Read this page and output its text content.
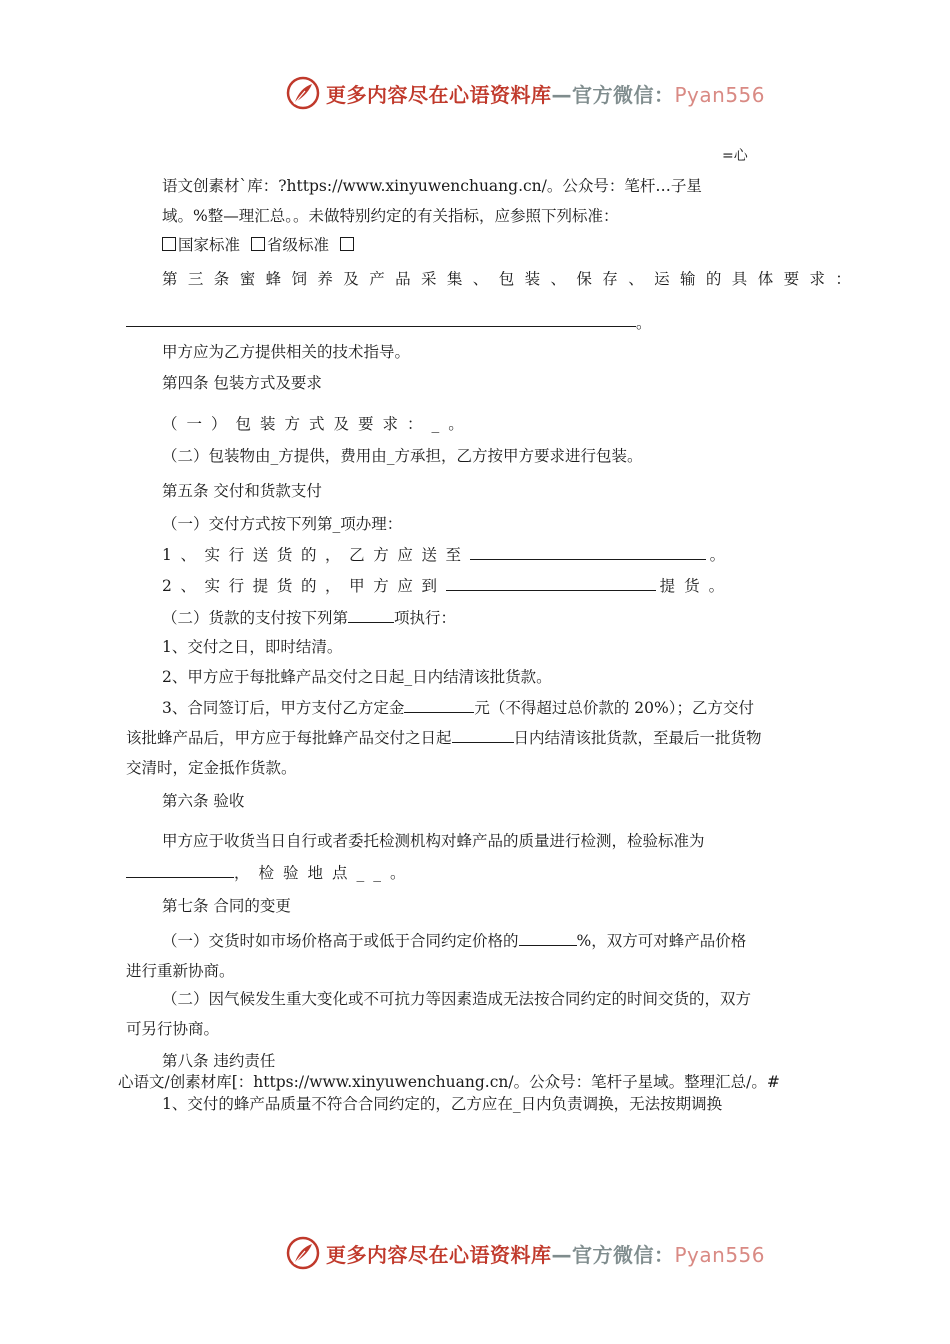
更多内容尽在心语资料库—官方微信：Pyan556
=心
语文创素材`库：?https://www.xinyuwenchuang.cn/。公众号：笔杆…子星
域。%整—理汇总。。未做特别约定的有关指标，应参照下列标准：
国家标准 省级标准
第三条蜜蜂饲养及产品采集、包装、保存、运输的具体要求：
。
甲方应为乙方提供相关的技术指导。
第四条 包装方式及要求
（一）包装方式及要求：_。
（二）包装物由_方提供，费用由_方承担，乙方按甲方要求进行包装。
第五条 交付和货款支付
（一）交付方式按下列第_项办理：
1、实行送货的，乙方应送至	。
2、实行提货的，甲方应到	提货。
（二）货款的支付按下列第	项执行：
1、交付之日，即时结清。
2、甲方应于每批蜂产品交付之日起_日内结清该批货款。
3、合同签订后，甲方支付乙方定金	元（不得超过总价款的 20%）；乙方交付
该批蜂产品后，甲方应于每批蜂产品交付之日起	日内结清该批货款，至最后一批货物
交清时，定金抵作货款。
第六条 验收
甲方应于收货当日自行或者委托检测机构对蜂产品的质量进行检测，检验标准为
，检验地点__。
第七条 合同的变更
（一）交货时如市场价格高于或低于合同约定价格的	%，双方可对蜂产品价格
进行重新协商。
（二）因气候发生重大变化或不可抗力等因素造成无法按合同约定的时间交货的，双方
可另行协商。
第八条 违约责任
心语文/创素材库[：https://www.xinyuwenchuang.cn/。公众号：笔杆子星域。整理汇总/。#
1、交付的蜂产品质量不符合合同约定的，乙方应在_日内负责调换，无法按期调换
更多内容尽在心语资料库—官方微信：Pyan556
